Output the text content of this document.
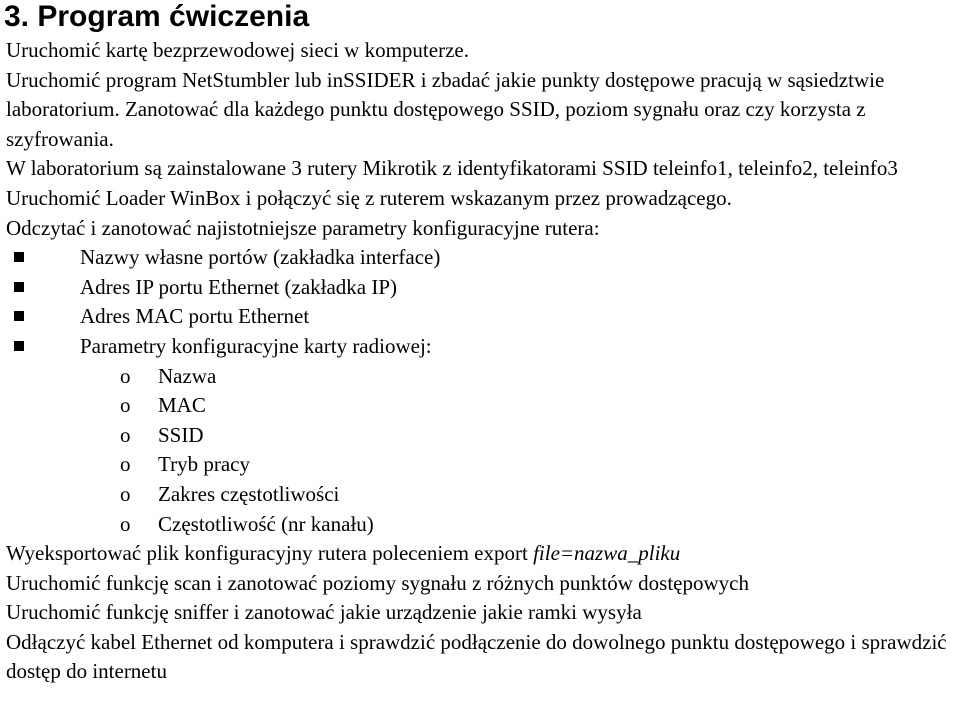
3. Program ćwiczenia

Uruchomić kartę bezprzewodowej sieci w komputerze.

Uruchomić program NetStumbler lub inSSIDER i zbadać jakie punkty dostępowe pracują w sąsiedztwie laboratorium. Zanotować dla każdego punktu dostępowego SSID, poziom sygnału oraz czy korzysta z szyfrowania.

W laboratorium są zainstalowane 3 rutery Mikrotik z identyfikatorami SSID teleinfo1, teleinfo2, teleinfo3

Uruchomić Loader WinBox i połączyć się z ruterem wskazanym przez prowadzącego.

Odczytać i zanotować najistotniejsze parametry konfiguracyjne rutera:

Nazwy własne portów (zakładka interface)

Adres IP portu Ethernet (zakładka IP)

Adres MAC portu Ethernet

Parametry konfiguracyjne karty radiowej:

o Nazwa

o MAC

o SSID

o Tryb pracy

o Zakres częstotliwości

o Częstotliwość (nr kanału)

Wyeksportować plik konfiguracyjny rutera poleceniem export file=nazwa_pliku

Uruchomić funkcję scan i zanotować poziomy sygnału z różnych punktów dostępowych

Uruchomić funkcję sniffer i zanotować jakie urządzenie jakie ramki wysyła

Odłączyć kabel Ethernet od komputera i sprawdzić podłączenie do dowolnego punktu dostępowego i sprawdzić dostęp do internetu
